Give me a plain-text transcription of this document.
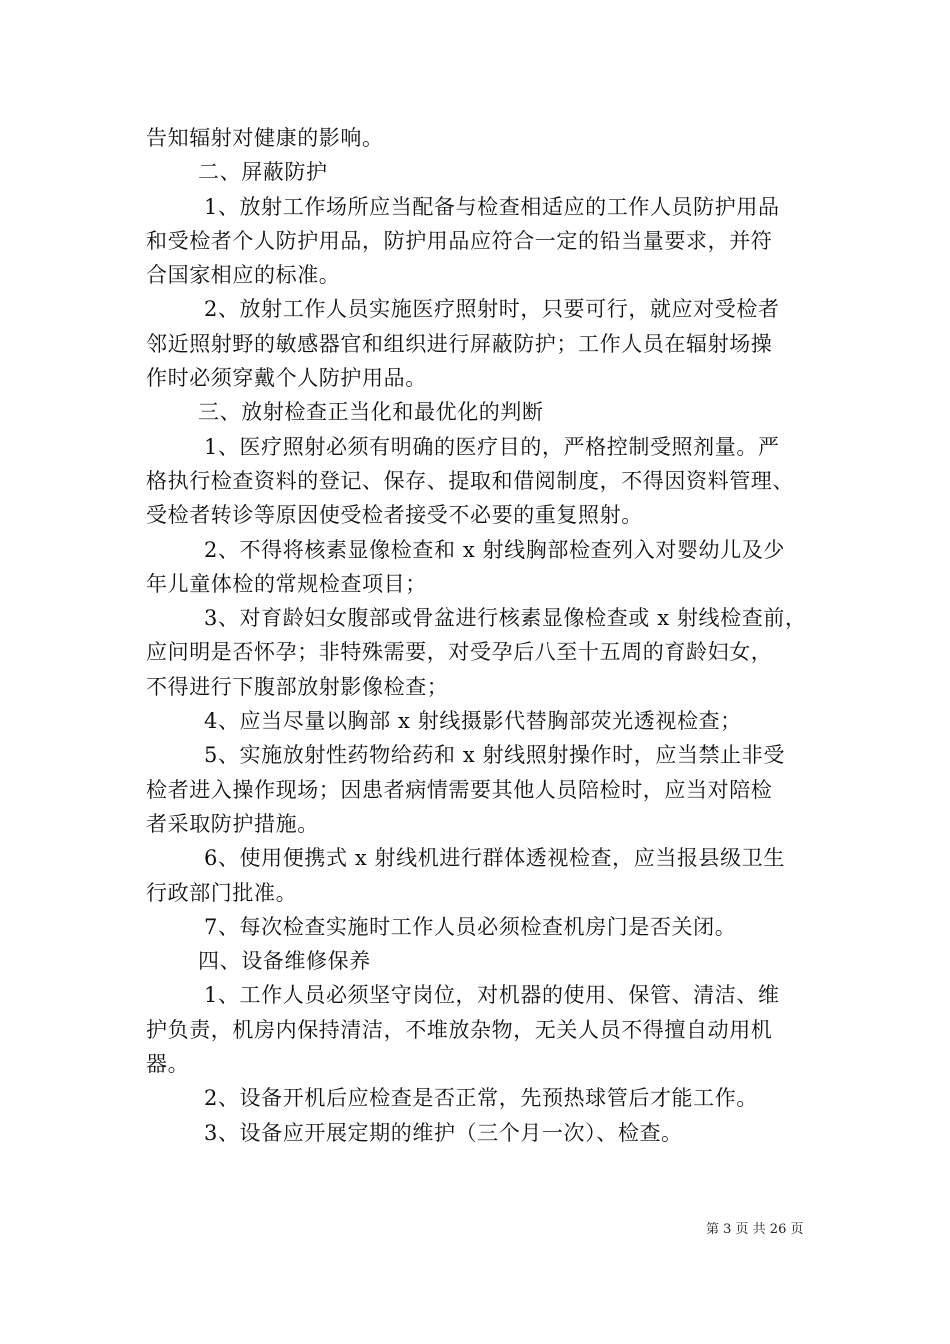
告知辐射对健康的影响。
二、屏蔽防护
1、放射工作场所应当配备与检查相适应的工作人员防护用品
和受检者个人防护用品，防护用品应符合一定的铅当量要求，并符
合国家相应的标准。
2、放射工作人员实施医疗照射时，只要可行，就应对受检者
邻近照射野的敏感器官和组织进行屏蔽防护；工作人员在辐射场操
作时必须穿戴个人防护用品。
三、放射检查正当化和最优化的判断
1、医疗照射必须有明确的医疗目的，严格控制受照剂量。严
格执行检查资料的登记、保存、提取和借阅制度，不得因资料管理、
受检者转诊等原因使受检者接受不必要的重复照射。
2、不得将核素显像检查和 x 射线胸部检查列入对婴幼儿及少
年儿童体检的常规检查项目；
3、对育龄妇女腹部或骨盆进行核素显像检查或 x 射线检查前，
应问明是否怀孕；非特殊需要，对受孕后八至十五周的育龄妇女，
不得进行下腹部放射影像检查；
4、应当尽量以胸部 x 射线摄影代替胸部荧光透视检查；
5、实施放射性药物给药和 x 射线照射操作时，应当禁止非受
检者进入操作现场；因患者病情需要其他人员陪检时，应当对陪检
者采取防护措施。
6、使用便携式 x 射线机进行群体透视检查，应当报县级卫生
行政部门批准。
7、每次检查实施时工作人员必须检查机房门是否关闭。
四、设备维修保养
1、工作人员必须坚守岗位，对机器的使用、保管、清洁、维
护负责，机房内保持清洁，不堆放杂物，无关人员不得擅自动用机
器。
2、设备开机后应检查是否正常，先预热球管后才能工作。
3、设备应开展定期的维护（三个月一次）、检查。
第 3 页 共 26 页
